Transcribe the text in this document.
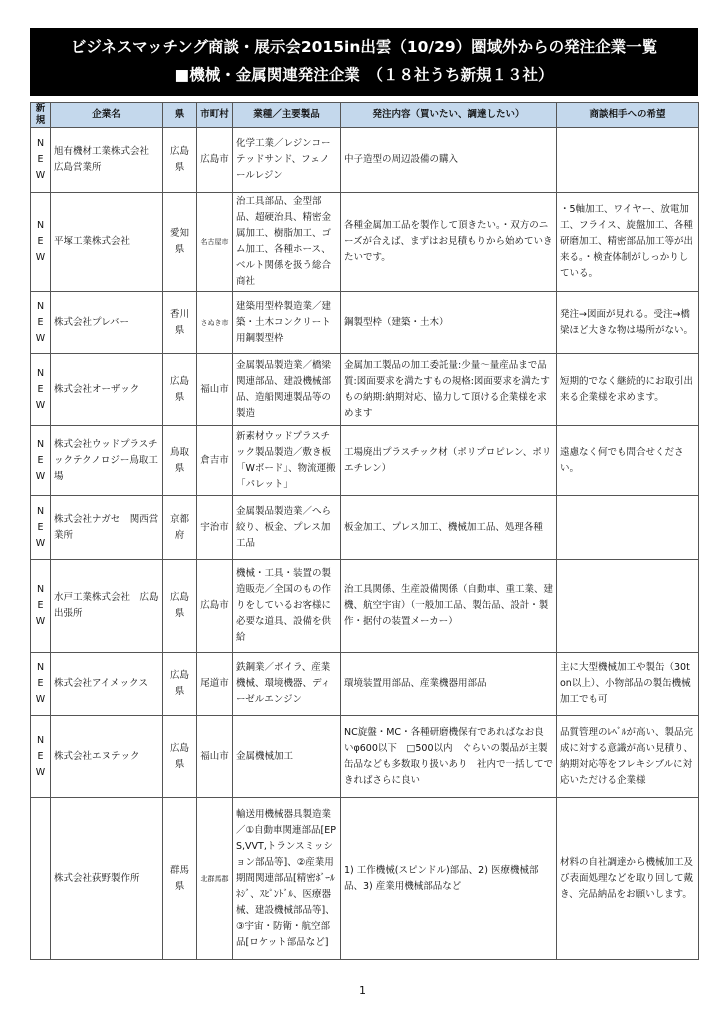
ビジネスマッチング商談・展示会2015in出雲（10/29）圏域外からの発注企業一覧
■機械・金属関連発注企業　（１８社うち新規１３社）
新規	企業名	県	市町村	業種／主要製品	発注内容（買いたい、調達したい）	商談相手への希望
NEW	旭有機材工業株式会社　広島営業所	広島県	広島市	化学工業／レジンコーテッドサンド、フェノールレジン	中子造型の周辺設備の購入	
NEW	平塚工業株式会社	愛知県	名古屋市	治工具部品、金型部品、超硬治具、精密金属加工、樹脂加工、ゴム加工、各種ホース、ベルト関係を扱う総合商社	各種金属加工品を製作して頂きたい。・双方のニーズが合えば、まずはお見積もりから始めていきたいです。	・5軸加工、ワイヤー、放電加工、フライス、旋盤加工、各種研磨加工、精密部品加工等が出来る。・検査体制がしっかりしている。
NEW	株式会社プレバー	香川県	さぬき市	建築用型枠製造業／建築・土木コンクリート用鋼製型枠	鋼製型枠（建築・土木）	発注→図面が見れる。受注→橋梁ほど大きな物は場所がない。
NEW	株式会社オーザック	広島県	福山市	金属製品製造業／橋梁関連部品、建設機械部品、造船関連製品等の製造	金属加工製品の加工委託量:少量～量産品まで品質:図面要求を満たすもの規格:図面要求を満たすもの納期:納期対応、協力して頂ける企業様を求めます	短期的でなく継続的にお取引出来る企業様を求めます。
NEW	株式会社ウッドプラスチックテクノロジー鳥取工場	鳥取県	倉吉市	新素材ウッドプラスチック製品製造／敷き板「Wボード」、物流運搬「パレット」	工場廃出プラスチック材（ポリプロピレン、ポリエチレン）	遠慮なく何でも問合せください。
NEW	株式会社ナガセ　関西営業所	京都府	宇治市	金属製品製造業／へら絞り、板金、プレス加工品	板金加工、プレス加工、機械加工品、処理各種	
NEW	水戸工業株式会社　広島出張所	広島県	広島市	機械・工具・装置の製造販売／全国のもの作りをしているお客様に必要な道具、設備を供給	治工具関係、生産設備関係（自動車、重工業、建機、航空宇宙）（一般加工品、製缶品、設計・製作・据付の装置メーカー）	
NEW	株式会社アイメックス	広島県	尾道市	鉄鋼業／ボイラ、産業機械、環境機器、ディーゼルエンジン	環境装置用部品、産業機器用部品	主に大型機械加工や製缶（30ton以上）、小物部品の製缶機械加工でも可
NEW	株式会社エヌテック	広島県	福山市	金属機械加工	NC旋盤・MC・各種研磨機保有であればなお良いφ600以下　□500以内　ぐらいの製品が主製缶品なども多数取り扱いあり　社内で一括してできればさらに良い	品質管理のﾚﾍﾞﾙが高い、製品完成に対する意識が高い見積り、納期対応等をフレキシブルに対応いただける企業様
	株式会社荻野製作所	群馬県	北群馬郡	輸送用機械器具製造業／①自動車関連部品[EPS,VVT,トランスミッション部品等]、②産業用期間関連部品[精密ﾎﾞｰﾙﾈｼﾞ、ｽﾋﾟﾝﾄﾞﾙ、医療器械、建設機械部品等]、③宇宙・防衛・航空部品[ロケット部品など]	1) 工作機械(スピンドル)部品、2) 医療機械部品、3) 産業用機械部品など	材料の自社調達から機械加工及び表面処理などを取り回して戴き、完品納品をお願いします。
1
